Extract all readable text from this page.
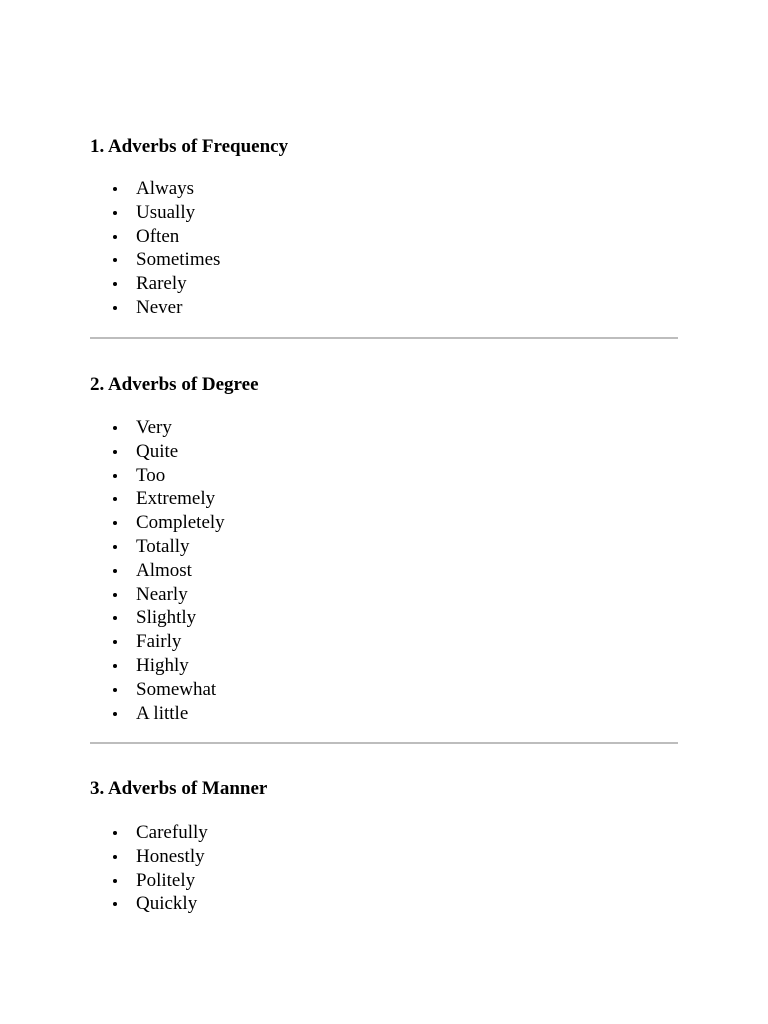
1. Adverbs of Frequency
Always
Usually
Often
Sometimes
Rarely
Never
2. Adverbs of Degree
Very
Quite
Too
Extremely
Completely
Totally
Almost
Nearly
Slightly
Fairly
Highly
Somewhat
A little
3. Adverbs of Manner
Carefully
Honestly
Politely
Quickly
